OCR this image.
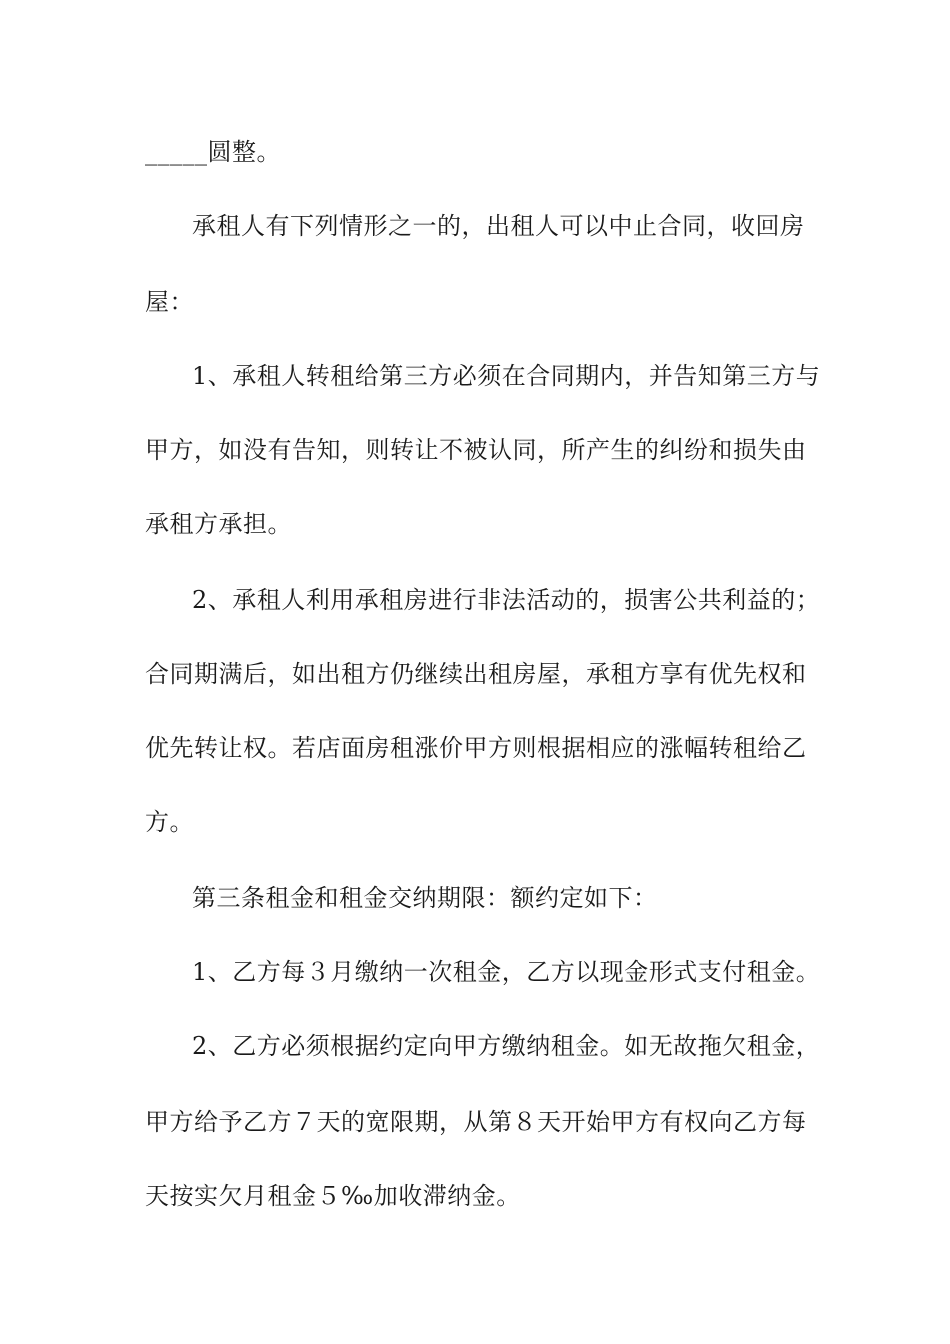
_____圆整。
承租人有下列情形之一的，出租人可以中止合同，收回房
屋：
1、承租人转租给第三方必须在合同期内，并告知第三方与
甲方，如没有告知，则转让不被认同，所产生的纠纷和损失由
承租方承担。
2、承租人利用承租房进行非法活动的，损害公共利益的；
合同期满后，如出租方仍继续出租房屋，承租方享有优先权和
优先转让权。若店面房租涨价甲方则根据相应的涨幅转租给乙
方。
第三条租金和租金交纳期限：额约定如下：
1、乙方每３月缴纳一次租金，乙方以现金形式支付租金。
2、乙方必须根据约定向甲方缴纳租金。如无故拖欠租金，
甲方给予乙方７天的宽限期，从第８天开始甲方有权向乙方每
天按实欠月租金５‰加收滞纳金。
